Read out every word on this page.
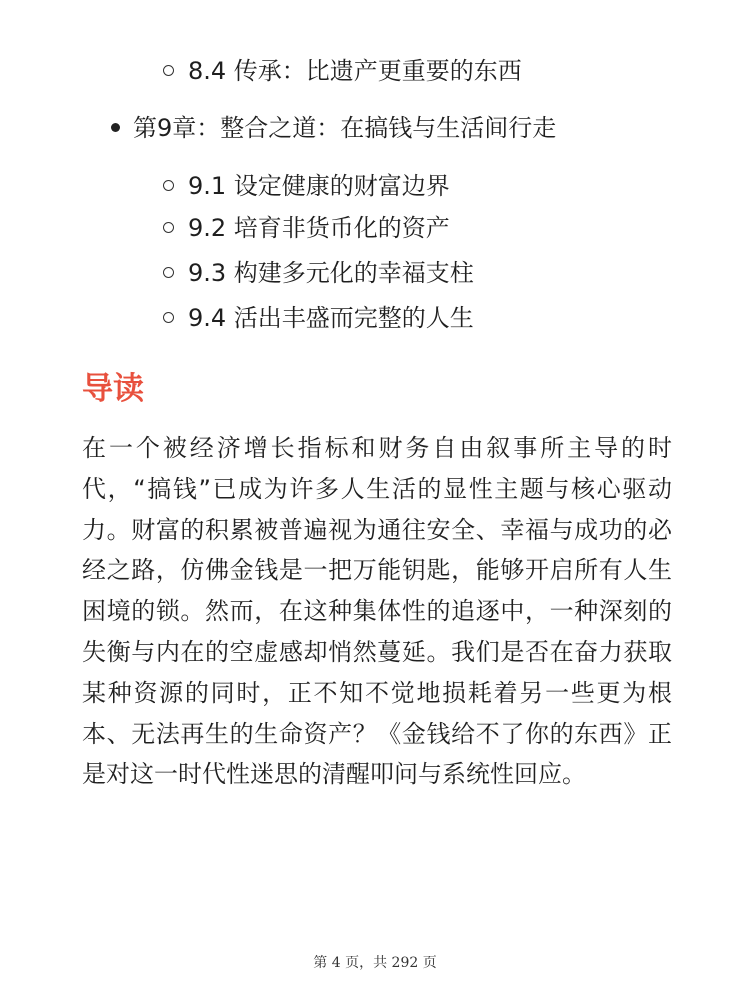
8.4 传承：比遗产更重要的东西
第9章：整合之道：在搞钱与生活间行走
9.1 设定健康的财富边界
9.2 培育非货币化的资产
9.3 构建多元化的幸福支柱
9.4 活出丰盛而完整的人生
导读

在一个被经济增长指标和财务自由叙事所主导的时代，“搞钱”已成为许多人生活的显性主题与核心驱动力。财富的积累被普遍视为通往安全、幸福与成功的必经之路，仿佛金钱是一把万能钥匙，能够开启所有人生困境的锁。然而，在这种集体性的追逐中，一种深刻的失衡与内在的空虚感却悄然蔓延。我们是否在奋力获取某种资源的同时，正不知不觉地损耗着另一些更为根本、无法再生的生命资产？《金钱给不了你的东西》正是对这一时代性迷思的清醒叩问与系统性回应。

第 4 页，共 292 页
